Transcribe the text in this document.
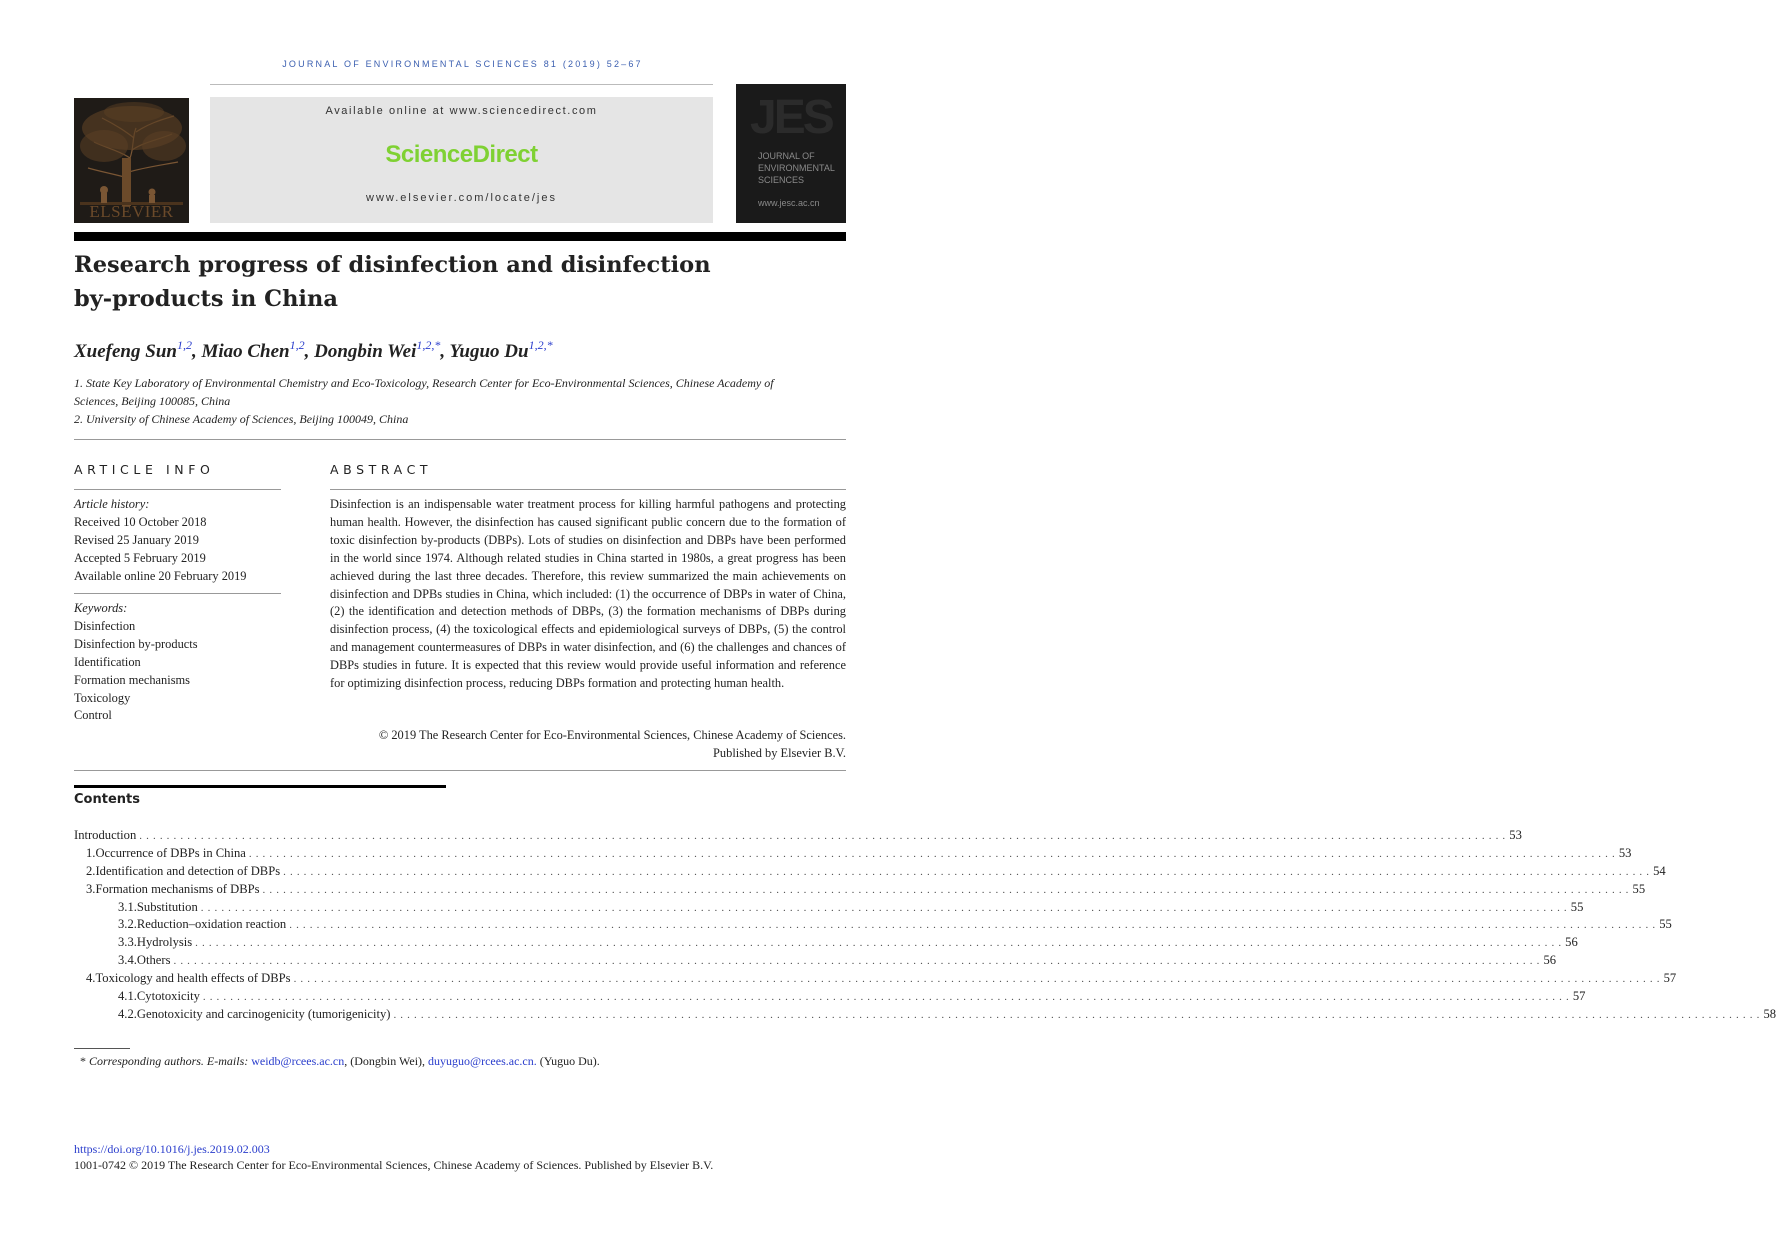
JOURNAL OF ENVIRONMENTAL SCIENCES 81 (2019) 52–67
ELSEVIER
Available online at www.sciencedirect.com
ScienceDirect
www.elsevier.com/locate/jes
JES
JOURNAL OF
ENVIRONMENTAL
SCIENCES
www.jesc.ac.cn
Research progress of disinfection and disinfection
by-products in China
Xuefeng Sun$^{1,2}$, Miao Chen$^{1,2}$, Dongbin Wei$^{1,2,*}$, Yuguo $Du^{1,2,*}$
1. State Key Laboratory of Environmental Chemistry and Eco-Toxicology, Research Center for Eco-Environmental Sciences, Chinese Academy of
Sciences, Beijing 100085, China
2. University of Chinese Academy of Sciences, Beijing 100049, China
ARTICLE INFO
Article history:
Received 10 October 2018
Revised 25 January 2019
Accepted 5 February 2019
Available online 20 February 2019
Keywords:
Disinfection
Disinfection by-products
Identification
Formation mechanisms
Toxicology
Control
ABSTRACT
Disinfection is an indispensable water treatment process for killing harmful pathogens and protecting human health. However, the disinfection has caused significant public concern due to the formation of toxic disinfection by-products (DBPs). Lots of studies on disinfection and DBPs have been performed in the world since 1974. Although related studies in China started in 1980s, a great progress has been achieved during the last three decades. Therefore, this review summarized the main achievements on disinfection and DPBs studies in China, which included: (1) the occurrence of DBPs in water of China, (2) the identification and detection methods of DBPs, (3) the formation mechanisms of DBPs during disinfection process, (4) the toxicological effects and epidemiological surveys of DBPs, (5) the control and management countermeasures of DBPs in water disinfection, and (6) the challenges and chances of DBPs studies in future. It is expected that this review would provide useful information and reference for optimizing disinfection process, reducing DBPs formation and protecting human health.
© 2019 The Research Center for Eco-Environmental Sciences, Chinese Academy of Sciences.
Published by Elsevier B.V.
Contents
Introduction ........................................................................................................................................................................................................ 53
1. Occurrence of DBPs in China ........................................................................................................................................................................................................ 53
2. Identification and detection of DBPs ........................................................................................................................................................................................................ 54
3. Formation mechanisms of DBPs ........................................................................................................................................................................................................ 55
3.1. Substitution ........................................................................................................................................................................................................ 55
3.2. Reduction–oxidation reaction ........................................................................................................................................................................................................ 55
3.3. Hydrolysis ........................................................................................................................................................................................................ 56
3.4. Others ........................................................................................................................................................................................................ 56
4. Toxicology and health effects of DBPs ........................................................................................................................................................................................................ 57
4.1. Cytotoxicity ........................................................................................................................................................................................................ 57
4.2. Genotoxicity and carcinogenicity (tumorigenicity) ........................................................................................................................................................................................................ 58
* Corresponding authors. E-mails: weidb@rcees.ac.cn, (Dongbin Wei), duyuguo@rcees.ac.cn. (Yuguo Du).
https://doi.org/10.1016/j.jes.2019.02.003
1001-0742 © 2019 The Research Center for Eco-Environmental Sciences, Chinese Academy of Sciences. Published by Elsevier B.V.
